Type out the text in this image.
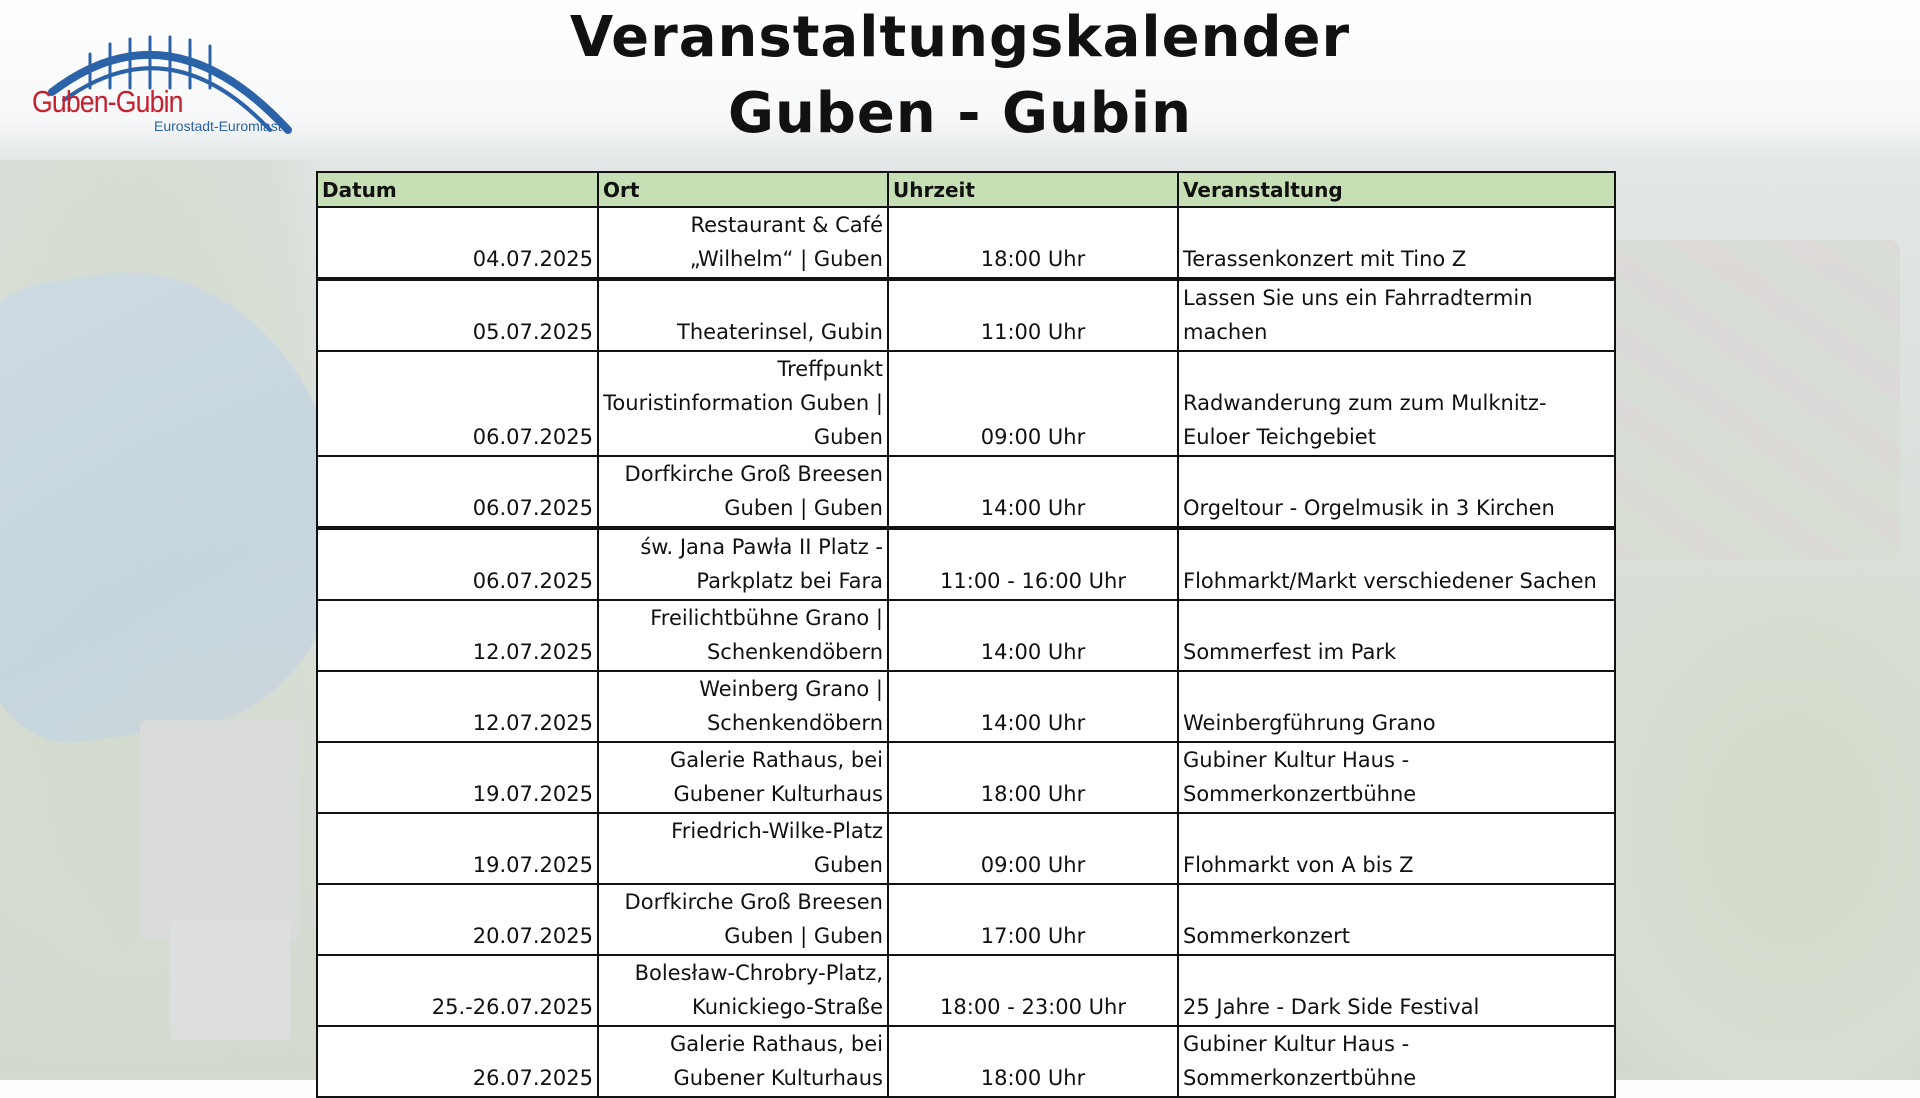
Guben-Gubin
Eurostadt-Euromiasto
Veranstaltungskalender
Guben - Gubin
Datum	Ort	Uhrzeit	Veranstaltung
04.07.2025	Restaurant & Café „Wilhelm“ | Guben	18:00 Uhr	Terassenkonzert mit Tino Z
05.07.2025	Theaterinsel, Gubin	11:00 Uhr	Lassen Sie uns ein Fahrradtermin machen
06.07.2025	Treffpunkt Touristinformation Guben | Guben	09:00 Uhr	Radwanderung zum zum Mulknitz-Euloer Teichgebiet
06.07.2025	Dorfkirche Groß Breesen Guben | Guben	14:00 Uhr	Orgeltour - Orgelmusik in 3 Kirchen
06.07.2025	św. Jana Pawła II Platz - Parkplatz bei Fara	11:00 - 16:00 Uhr	Flohmarkt/Markt verschiedener Sachen
12.07.2025	Freilichtbühne Grano | Schenkendöbern	14:00 Uhr	Sommerfest im Park
12.07.2025	Weinberg Grano | Schenkendöbern	14:00 Uhr	Weinbergführung Grano
19.07.2025	Galerie Rathaus, bei Gubener Kulturhaus	18:00 Uhr	Gubiner Kultur Haus - Sommerkonzertbühne
19.07.2025	Friedrich-Wilke-Platz Guben	09:00 Uhr	Flohmarkt von A bis Z
20.07.2025	Dorfkirche Groß Breesen Guben | Guben	17:00 Uhr	Sommerkonzert
25.-26.07.2025	Bolesław-Chrobry-Platz, Kunickiego-Straße	18:00 - 23:00 Uhr	25 Jahre - Dark Side Festival
26.07.2025	Galerie Rathaus, bei Gubener Kulturhaus	18:00 Uhr	Gubiner Kultur Haus - Sommerkonzertbühne
